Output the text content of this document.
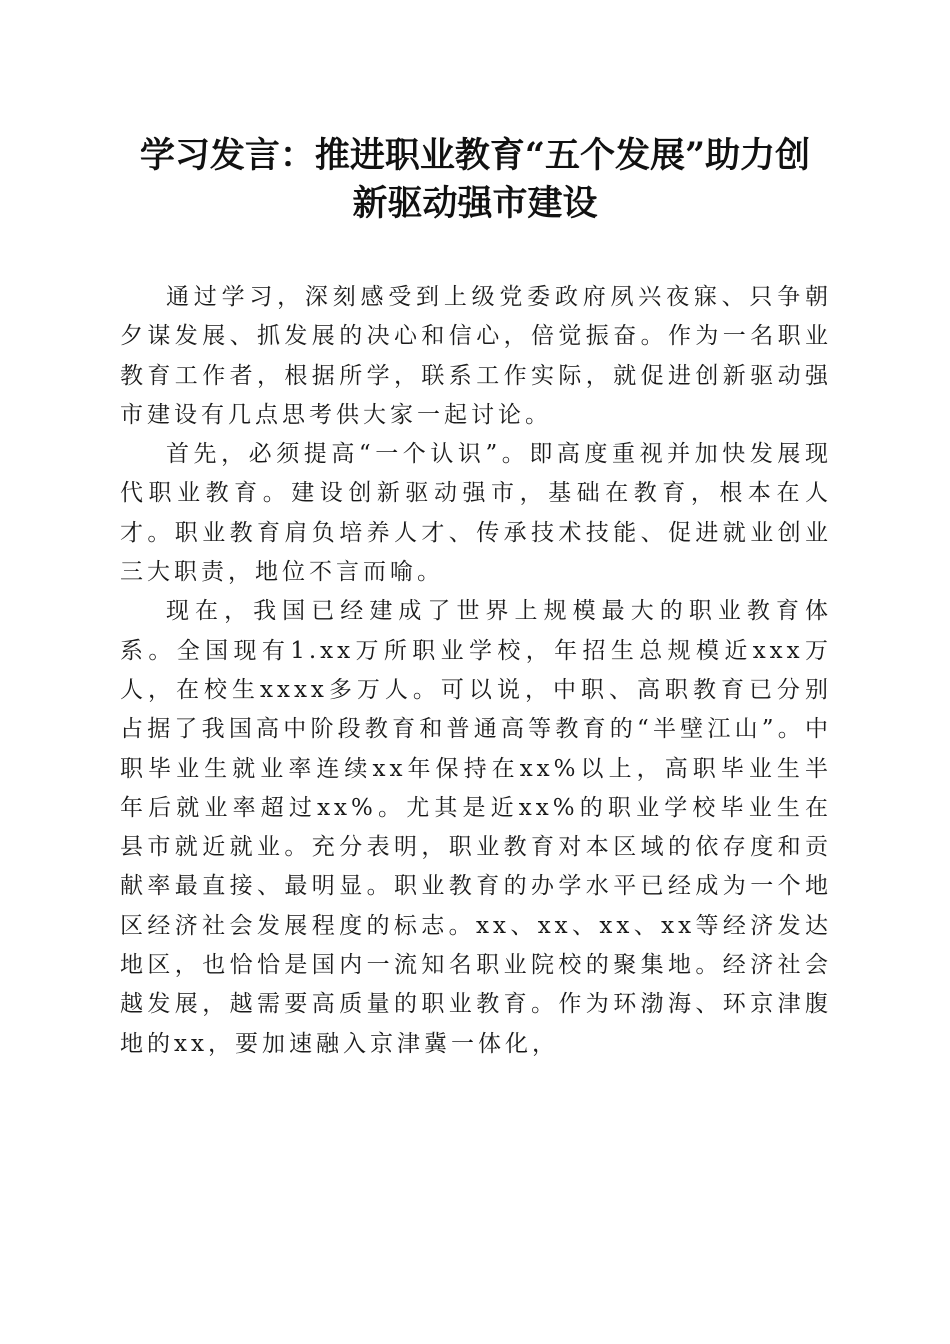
学习发言：推进职业教育“五个发展”助力创
新驱动强市建设

通过学习，深刻感受到上级党委政府夙兴夜寐、只争朝夕谋发展、抓发展的决心和信心，倍觉振奋。作为一名职业教育工作者，根据所学，联系工作实际，就促进创新驱动强市建设有几点思考供大家一起讨论。

首先，必须提高“一个认识”。即高度重视并加快发展现代职业教育。建设创新驱动强市，基础在教育，根本在人才。职业教育肩负培养人才、传承技术技能、促进就业创业三大职责，地位不言而喻。

现在，我国已经建成了世界上规模最大的职业教育体系。全国现有1.xx万所职业学校，年招生总规模近xxx万人，在校生xxxx多万人。可以说，中职、高职教育已分别占据了我国高中阶段教育和普通高等教育的“半壁江山”。中职毕业生就业率连续xx年保持在xx%以上，高职毕业生半年后就业率超过xx%。尤其是近xx%的职业学校毕业生在县市就近就业。充分表明，职业教育对本区域的依存度和贡献率最直接、最明显。职业教育的办学水平已经成为一个地区经济社会发展程度的标志。xx、xx、xx、xx等经济发达地区，也恰恰是国内一流知名职业院校的聚集地。经济社会越发展，越需要高质量的职业教育。作为环渤海、环京津腹地的xx，要加速融入京津冀一体化，
